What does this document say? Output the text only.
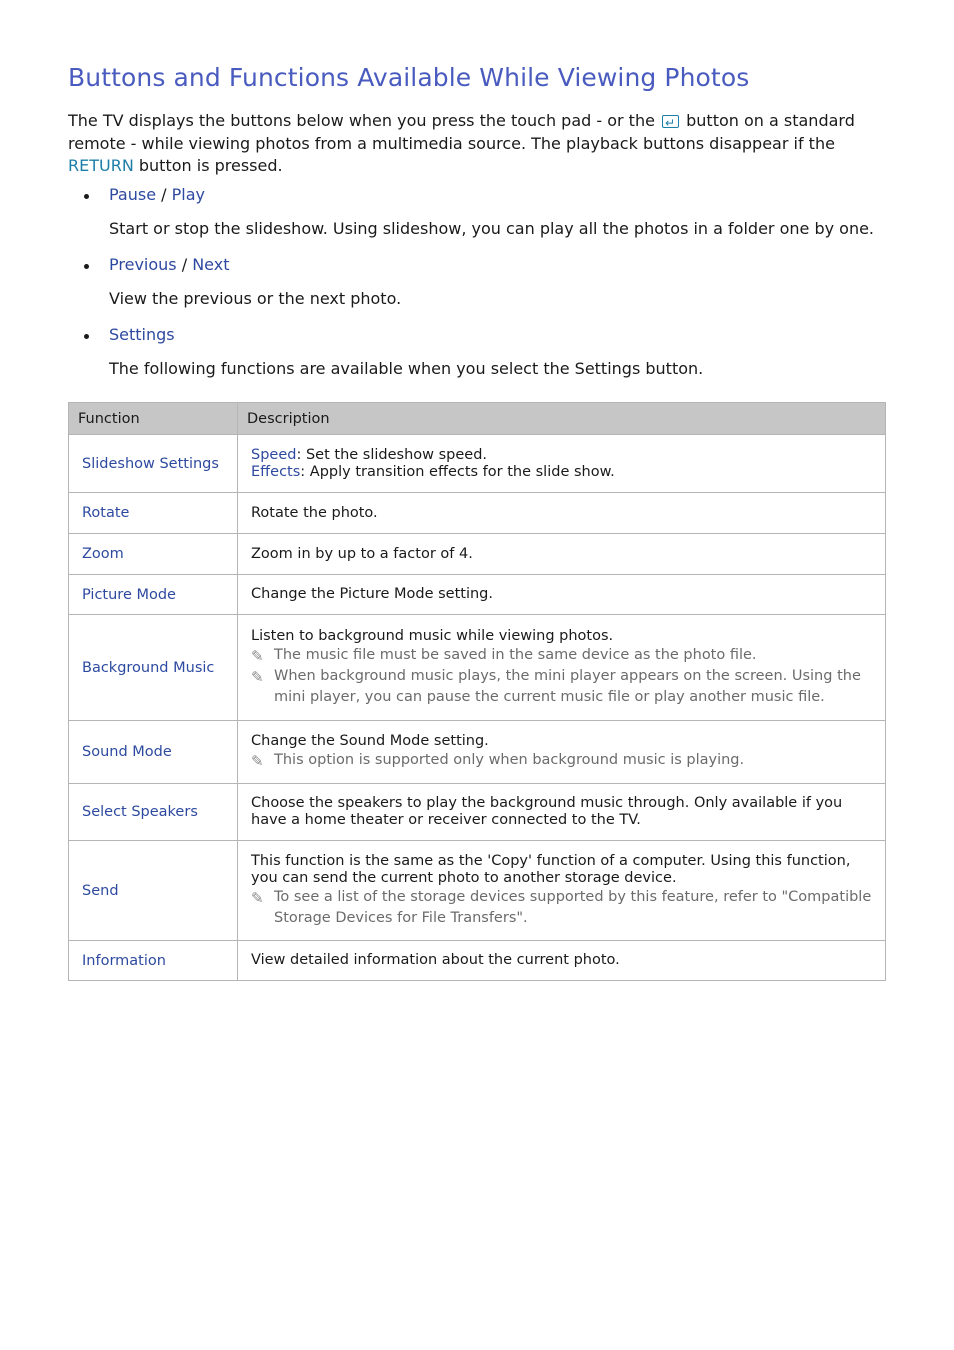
Buttons and Functions Available While Viewing Photos

The TV displays the buttons below when you press the touch pad - or the ↵ button on a standard remote - while viewing photos from a multimedia source. The playback buttons disappear if the RETURN button is pressed.

Pause / Play
Start or stop the slideshow. Using slideshow, you can play all the photos in a folder one by one.
Previous / Next
View the previous or the next photo.
Settings
The following functions are available when you select the Settings button.
Function	Description
Slideshow Settings	Speed: Set the slideshow speed.
Effects: Apply transition effects for the slide show.

Rotate	Rotate the photo.
Zoom	Zoom in by up to a factor of 4.
Picture Mode	Change the Picture Mode setting.
Background Music	Listen to background music while viewing photos.
✎ The music file must be saved in the same device as the photo file.
✎ When background music plays, the mini player appears on the screen. Using the mini player, you can pause the current music file or play another music file.

Sound Mode	Change the Sound Mode setting.
✎ This option is supported only when background music is playing.

Select Speakers	Choose the speakers to play the background music through. Only available if you have a home theater or receiver connected to the TV.
Send	This function is the same as the 'Copy' function of a computer. Using this function, you can send the current photo to another storage device.
✎ To see a list of the storage devices supported by this feature, refer to "Compatible Storage Devices for File Transfers".

Information	View detailed information about the current photo.
